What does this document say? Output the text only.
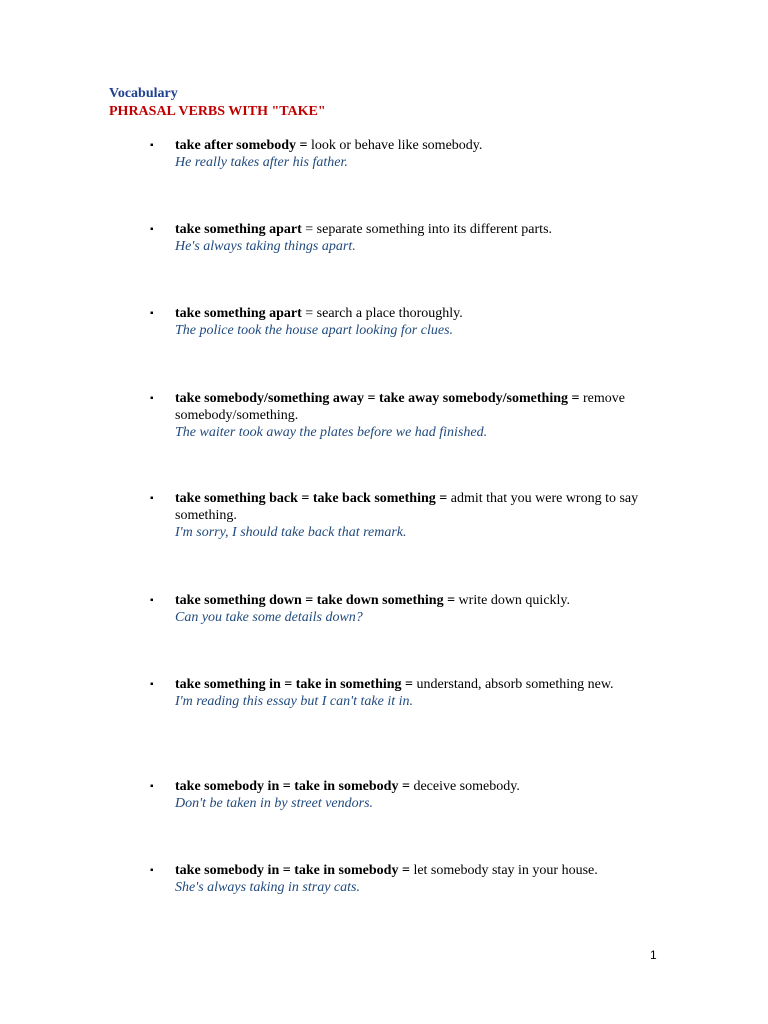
Vocabulary
PHRASAL VERBS WITH "TAKE"
▪ take after somebody = look or behave like somebody.
He really takes after his father.
▪ take something apart = separate something into its different parts.
He's always taking things apart.
▪ take something apart = search a place thoroughly.
The police took the house apart looking for clues.
▪ take somebody/something away = take away somebody/something = remove somebody/something.
The waiter took away the plates before we had finished.
▪ take something back = take back something = admit that you were wrong to say something.
I'm sorry, I should take back that remark.
▪ take something down = take down something = write down quickly.
Can you take some details down?
▪ take something in = take in something = understand, absorb something new.
I'm reading this essay but I can't take it in.
▪ take somebody in = take in somebody = deceive somebody.
Don't be taken in by street vendors.
▪ take somebody in = take in somebody = let somebody stay in your house.
She's always taking in stray cats.
1
